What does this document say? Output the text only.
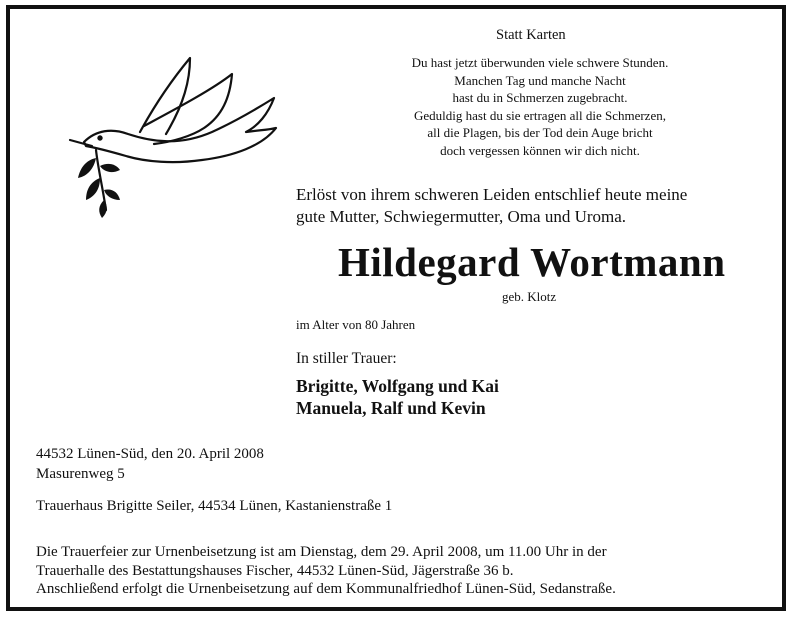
Statt Karten
Du hast jetzt überwunden viele schwere Stunden.
Manchen Tag und manche Nacht
hast du in Schmerzen zugebracht.
Geduldig hast du sie ertragen all die Schmerzen,
all die Plagen, bis der Tod dein Auge bricht
doch vergessen können wir dich nicht.
Erlöst von ihrem schweren Leiden entschlief heute meine
gute Mutter, Schwiegermutter, Oma und Uroma.
Hildegard Wortmann
geb. Klotz
im Alter von 80 Jahren
In stiller Trauer:
Brigitte, Wolfgang und Kai
Manuela, Ralf und Kevin
44532 Lünen-Süd, den 20. April 2008
Masurenweg 5
Trauerhaus Brigitte Seiler, 44534 Lünen, Kastanienstraße 1
Die Trauerfeier zur Urnenbeisetzung ist am Dienstag, dem 29. April 2008, um 11.00 Uhr in der
Trauerhalle des Bestattungshauses Fischer, 44532 Lünen-Süd, Jägerstraße 36 b.
Anschließend erfolgt die Urnenbeisetzung auf dem Kommunalfriedhof Lünen-Süd, Sedanstraße.
